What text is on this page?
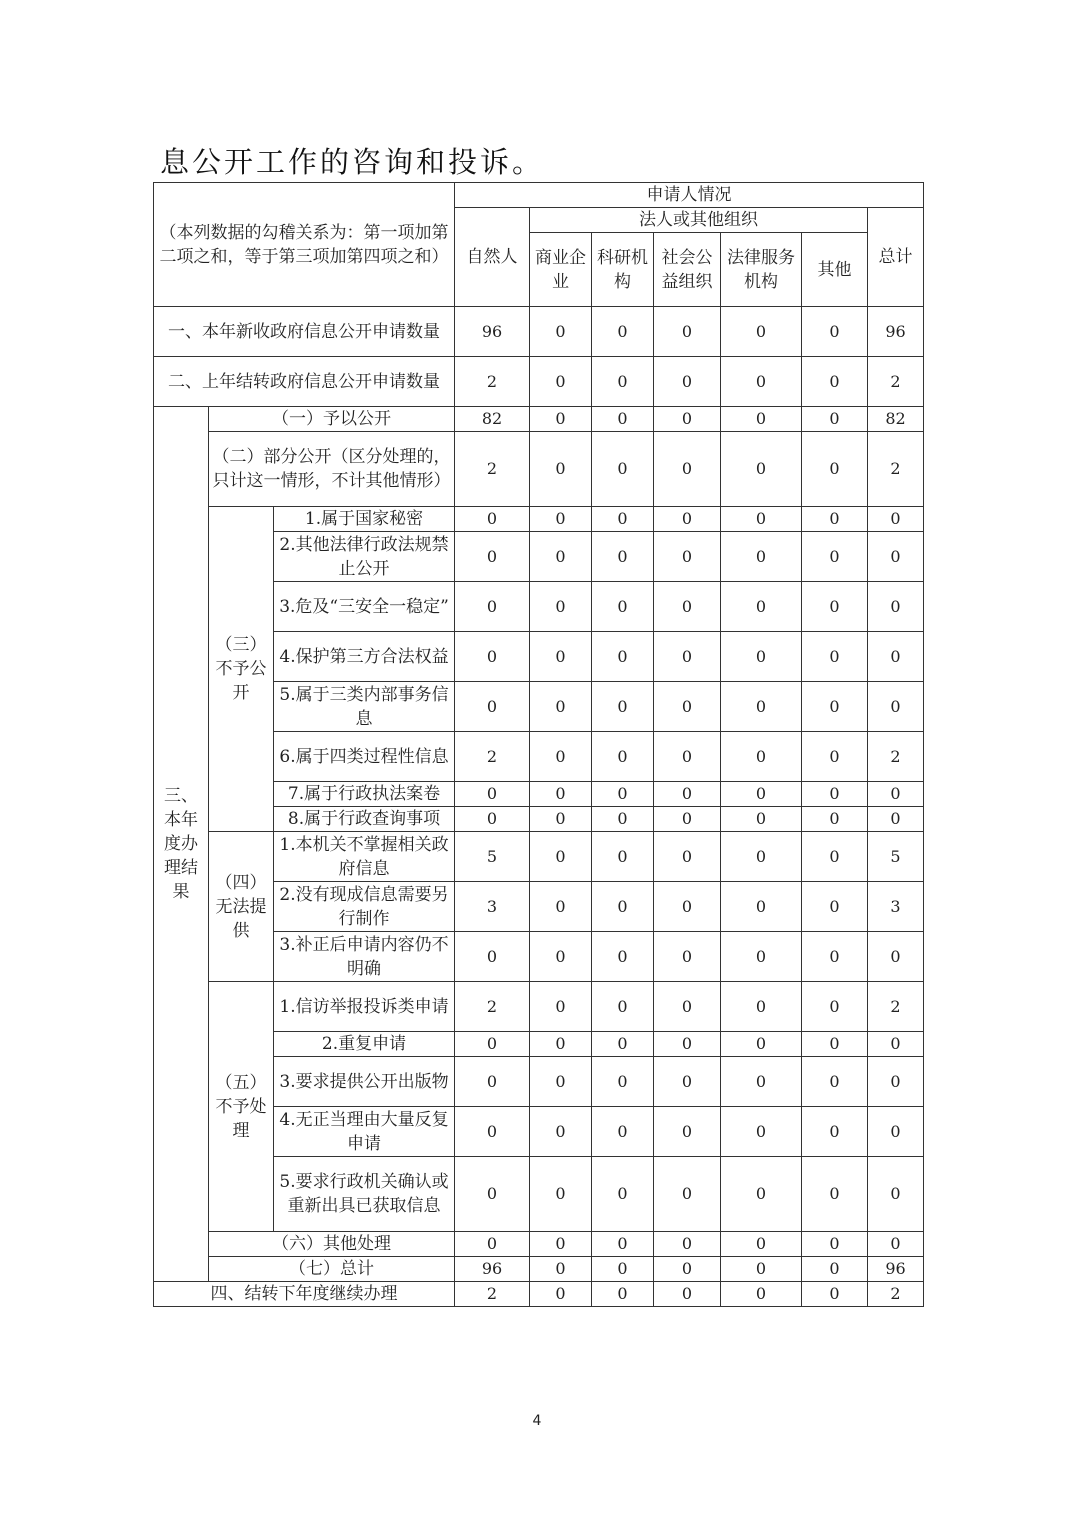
息公开工作的咨询和投诉。
（本列数据的勾稽关系为：第一项加第二项之和，等于第三项加第四项之和）			申请人情况						
			自然人	法人或其他组织					总计
				商业企业	科研机构	社会公益组织	法律服务机构	其他	
一、本年新收政府信息公开申请数量			96	0	0	0	0	0	96
二、上年结转政府信息公开申请数量			2	0	0	0	0	0	2
三、本年度办理结果	（一）予以公开		82	0	0	0	0	0	82
	（二）部分公开（区分处理的，只计这一情形，不计其他情形）		2	0	0	0	0	0	2
	（三）不予公开	1.属于国家秘密	0	0	0	0	0	0	0
		2.其他法律行政法规禁止公开	0	0	0	0	0	0	0
		3.危及“三安全一稳定”	0	0	0	0	0	0	0
		4.保护第三方合法权益	0	0	0	0	0	0	0
		5.属于三类内部事务信息	0	0	0	0	0	0	0
		6.属于四类过程性信息	2	0	0	0	0	0	2
		7.属于行政执法案卷	0	0	0	0	0	0	0
		8.属于行政查询事项	0	0	0	0	0	0	0
	（四）无法提供	1.本机关不掌握相关政府信息	5	0	0	0	0	0	5
		2.没有现成信息需要另行制作	3	0	0	0	0	0	3
		3.补正后申请内容仍不明确	0	0	0	0	0	0	0
	（五）不予处理	1.信访举报投诉类申请	2	0	0	0	0	0	2
		2.重复申请	0	0	0	0	0	0	0
		3.要求提供公开出版物	0	0	0	0	0	0	0
		4.无正当理由大量反复申请	0	0	0	0	0	0	0
		5.要求行政机关确认或重新出具已获取信息	0	0	0	0	0	0	0
	（六）其他处理		0	0	0	0	0	0	0
	（七）总计		96	0	0	0	0	0	96
四、结转下年度继续办理			2	0	0	0	0	0	2
4
